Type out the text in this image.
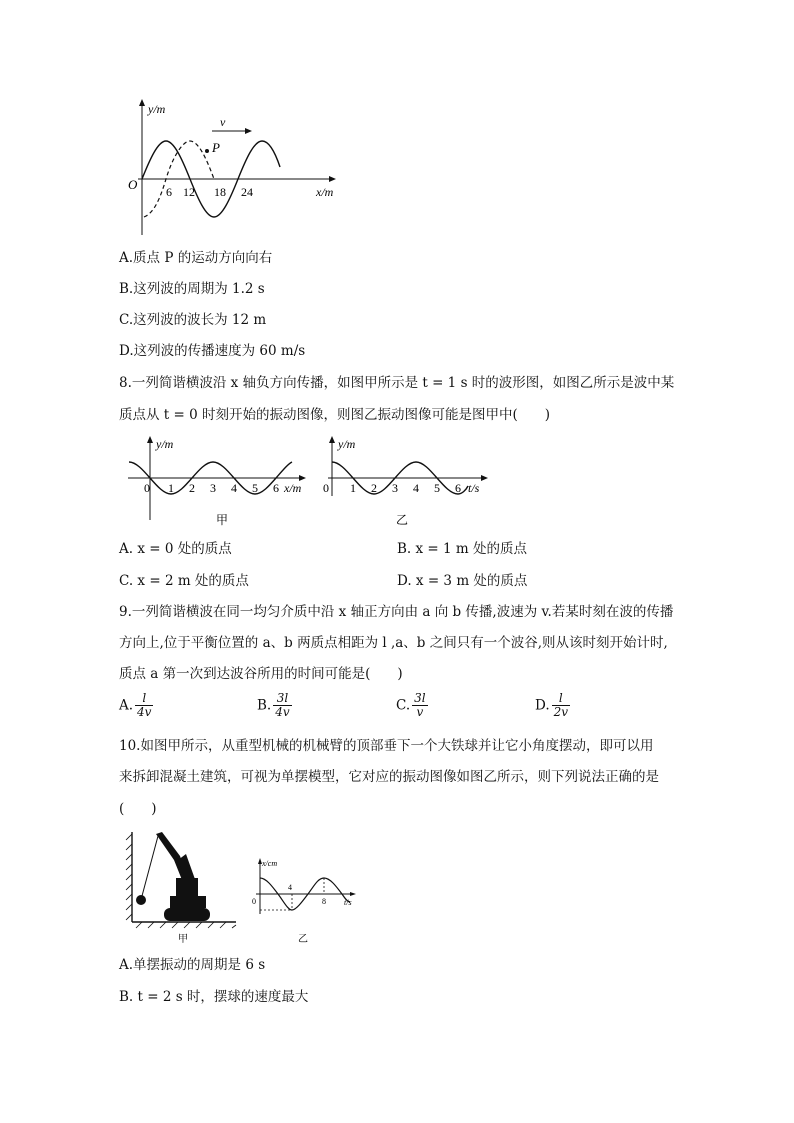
P
v
y/m
x/m
O 6 12 18 24
A.质点 P 的运动方向向右
B.这列波的周期为 1.2 s
C.这列波的波长为 12 m
D.这列波的传播速度为 60 m/s
8.一列简谐横波沿 x 轴负方向传播，如图甲所示是 t = 1 s 时的波形图，如图乙所示是波中某
质点从 t = 0 时刻开始的振动图像，则图乙振动图像可能是图甲中(　　)
y/m
x/m
0 1 2 3 4 5 6
甲
y/m
t/s
0 1 2 3 4 5 6
乙
A. x = 0 处的质点	B. x = 1 m 处的质点
C. x = 2 m 处的质点	D. x = 3 m 处的质点
9.一列简谐横波在同一均匀介质中沿 x 轴正方向由 a 向 b 传播,波速为 v.若某时刻在波的传播
方向上,位于平衡位置的 a、b 两质点相距为 l ,a、b 之间只有一个波谷,则从该时刻开始计时,
质点 a 第一次到达波谷所用的时间可能是(　　)
A. $\frac{l}{4v}$	B. $\frac{3l}{4v}$	C. $\frac{3l}{v}$	D. $\frac{l}{2v}$
10.如图甲所示，从重型机械的机械臂的顶部垂下一个大铁球并让它小角度摆动，即可以用
来拆卸混凝土建筑，可视为单摆模型，它对应的振动图像如图乙所示，则下列说法正确的是
(　　)
甲
x/cm
t/s
0
4
8
乙
A.单摆振动的周期是 6 s
B. t = 2 s 时，摆球的速度最大
